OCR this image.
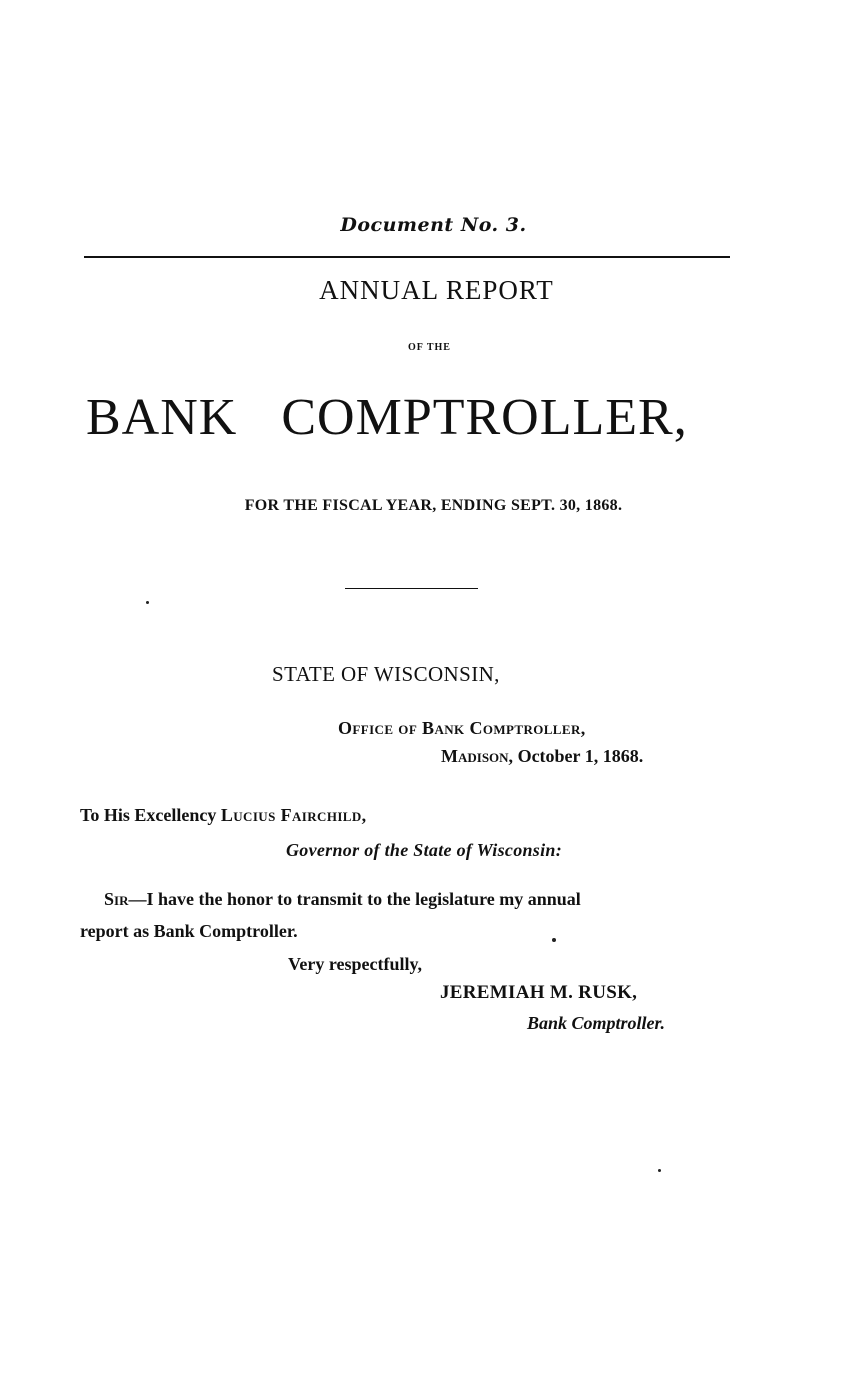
Document No. 3.
ANNUAL REPORT
OF THE
BANK COMPTROLLER,
FOR THE FISCAL YEAR, ENDING SEPT. 30, 1868.
STATE OF WISCONSIN,
Office of Bank Comptroller,
Madison, October 1, 1868.
To His Excellency Lucius Fairchild,
Governor of the State of Wisconsin:
Sir—I have the honor to transmit to the legislature my annual
report as Bank Comptroller.
Very respectfully,
JEREMIAH M. RUSK,
Bank Comptroller.
